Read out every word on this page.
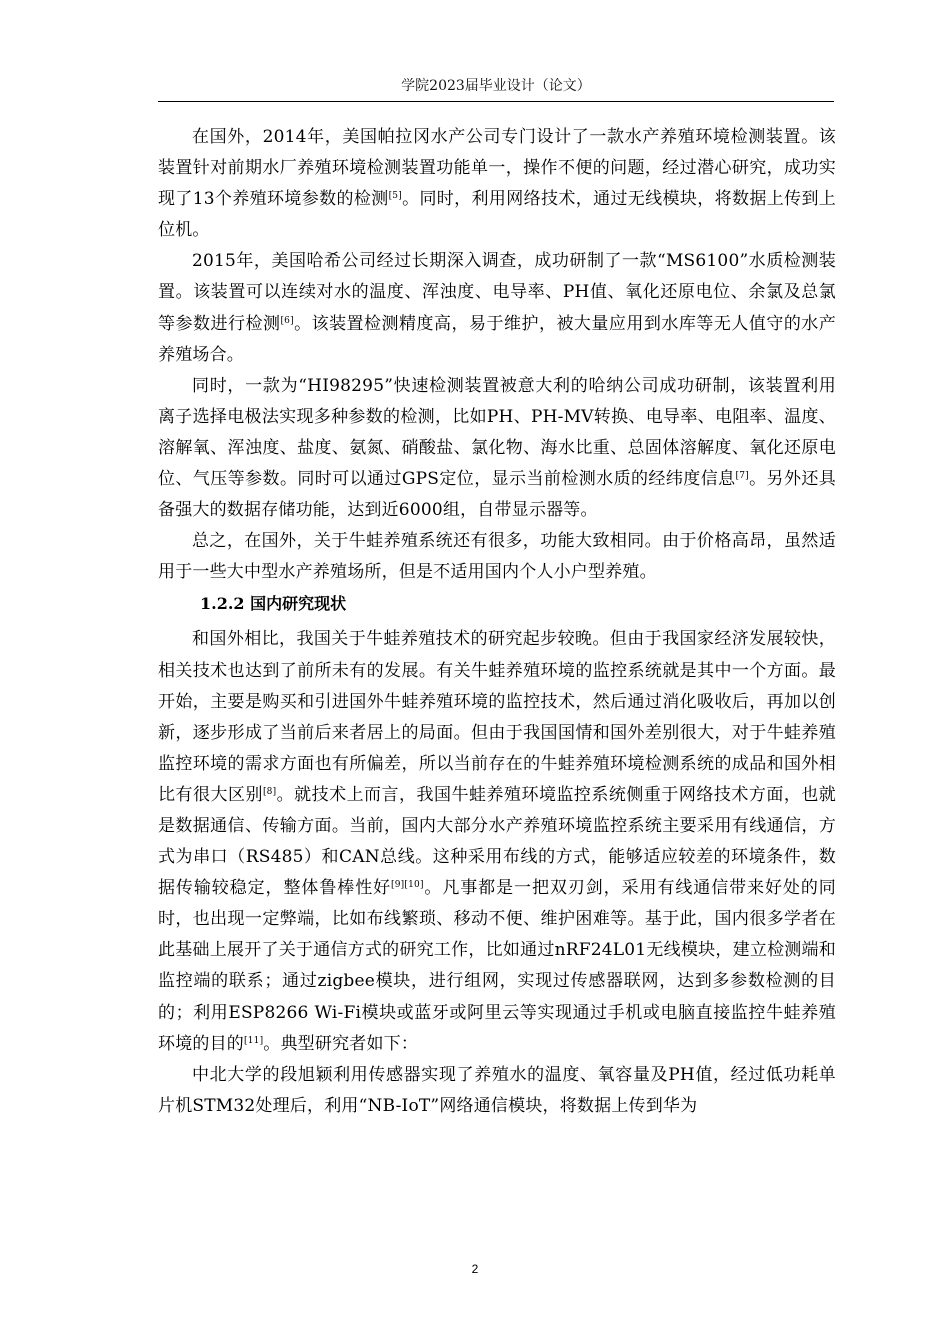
学院2023届毕业设计（论文）

在国外，2014年，美国帕拉冈水产公司专门设计了一款水产养殖环境检测装置。该装置针对前期水厂养殖环境检测装置功能单一，操作不便的问题，经过潜心研究，成功实现了13个养殖环境参数的检测[5]。同时，利用网络技术，通过无线模块，将数据上传到上位机。

2015年，美国哈希公司经过长期深入调查，成功研制了一款“MS6100”水质检测装置。该装置可以连续对水的温度、浑浊度、电导率、PH值、氧化还原电位、余氯及总氯等参数进行检测[6]。该装置检测精度高，易于维护，被大量应用到水库等无人值守的水产养殖场合。

同时，一款为“HI98295”快速检测装置被意大利的哈纳公司成功研制，该装置利用离子选择电极法实现多种参数的检测，比如PH、PH-MV转换、电导率、电阻率、温度、溶解氧、浑浊度、盐度、氨氮、硝酸盐、氯化物、海水比重、总固体溶解度、氧化还原电位、气压等参数。同时可以通过GPS定位，显示当前检测水质的经纬度信息[7]。另外还具备强大的数据存储功能，达到近6000组，自带显示器等。

总之，在国外，关于牛蛙养殖系统还有很多，功能大致相同。由于价格高昂，虽然适用于一些大中型水产养殖场所，但是不适用国内个人小户型养殖。

1.2.2 国内研究现状

和国外相比，我国关于牛蛙养殖技术的研究起步较晚。但由于我国家经济发展较快，相关技术也达到了前所未有的发展。有关牛蛙养殖环境的监控系统就是其中一个方面。最开始，主要是购买和引进国外牛蛙养殖环境的监控技术，然后通过消化吸收后，再加以创新，逐步形成了当前后来者居上的局面。但由于我国国情和国外差别很大，对于牛蛙养殖监控环境的需求方面也有所偏差，所以当前存在的牛蛙养殖环境检测系统的成品和国外相比有很大区别[8]。就技术上而言，我国牛蛙养殖环境监控系统侧重于网络技术方面，也就是数据通信、传输方面。当前，国内大部分水产养殖环境监控系统主要采用有线通信，方式为串口（RS485）和CAN总线。这种采用布线的方式，能够适应较差的环境条件，数据传输较稳定，整体鲁棒性好[9][10]。凡事都是一把双刃剑，采用有线通信带来好处的同时，也出现一定弊端，比如布线繁琐、移动不便、维护困难等。基于此，国内很多学者在此基础上展开了关于通信方式的研究工作，比如通过nRF24L01无线模块，建立检测端和监控端的联系；通过zigbee模块，进行组网，实现过传感器联网，达到多参数检测的目的；利用ESP8266 Wi-Fi模块或蓝牙或阿里云等实现通过手机或电脑直接监控牛蛙养殖环境的目的[11]。典型研究者如下：

中北大学的段旭颖利用传感器实现了养殖水的温度、氧容量及PH值，经过低功耗单片机STM32处理后，利用“NB-IoT”网络通信模块，将数据上传到华为

2
